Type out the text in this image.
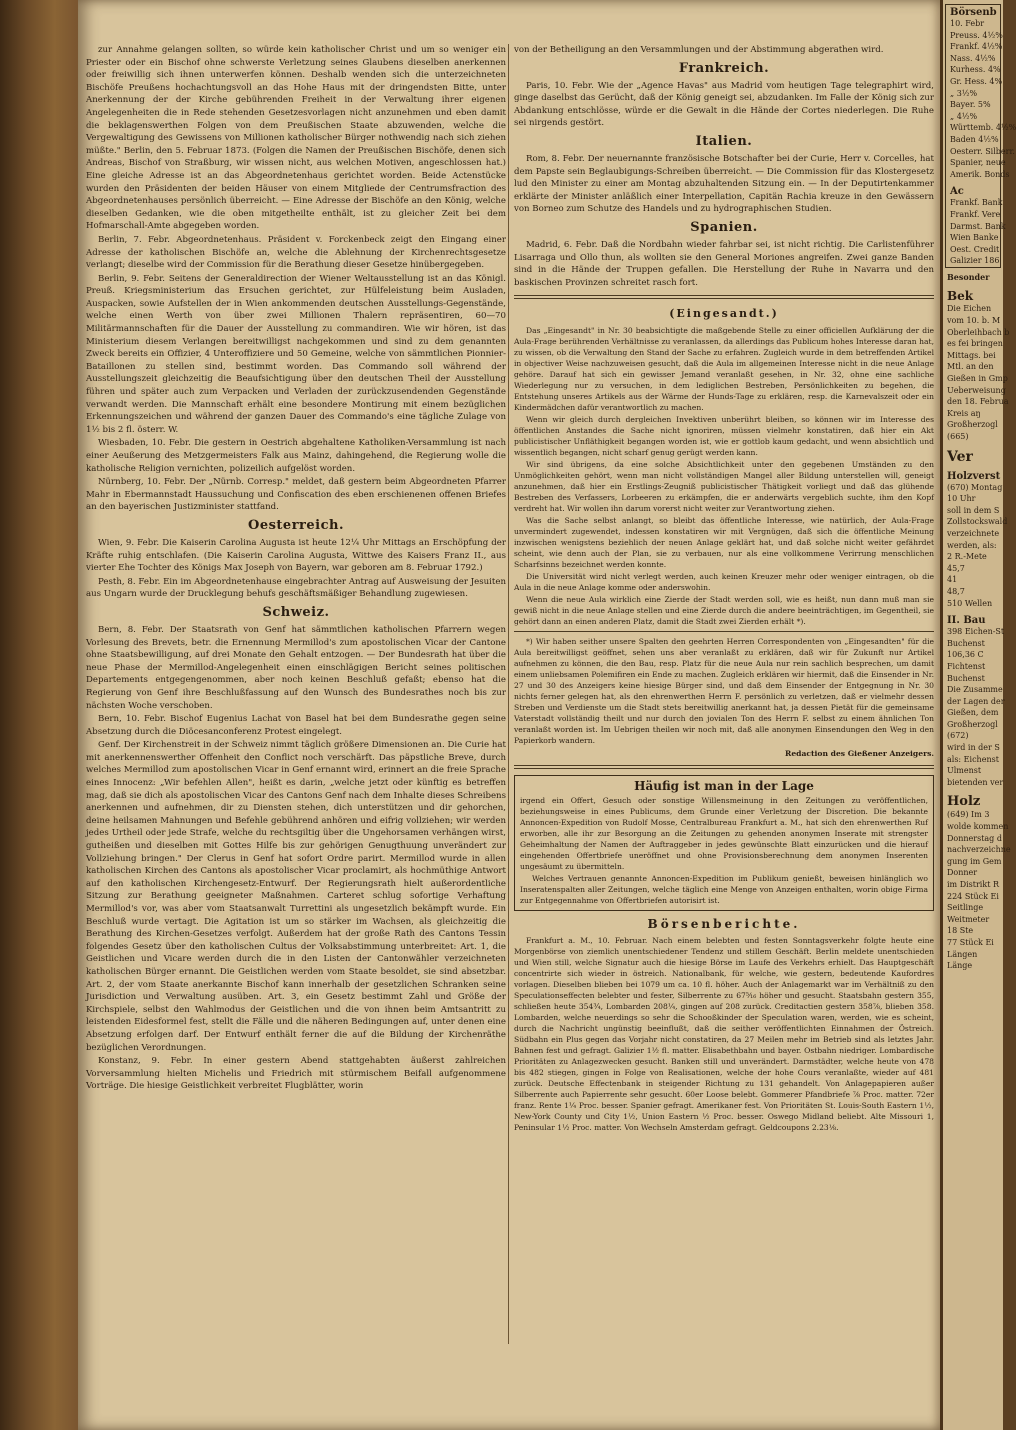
zur Annahme gelangen sollten, so würde kein katholischer Christ und um so weniger ein Priester oder ein Bischof ohne schwerste Verletzung seines Glaubens dieselben anerkennen oder freiwillig sich ihnen unterwerfen können. Deshalb wenden sich die unterzeichneten Bischöfe Preußens hochachtungsvoll an das Hohe Haus mit der dringendsten Bitte, unter Anerkennung der der Kirche gebührenden Freiheit in der Verwaltung ihrer eigenen Angelegenheiten die in Rede stehenden Gesetzesvorlagen nicht anzunehmen und eben damit die beklagenswerthen Folgen von dem Preußischen Staate abzuwenden, welche die Vergewaltigung des Gewissens von Millionen katholischer Bürger nothwendig nach sich ziehen müßte." Berlin, den 5. Februar 1873. (Folgen die Namen der Preußischen Bischöfe, denen sich Andreas, Bischof von Straßburg, wir wissen nicht, aus welchen Motiven, angeschlossen hat.) Eine gleiche Adresse ist an das Abgeordnetenhaus gerichtet worden. Beide Actenstücke wurden den Präsidenten der beiden Häuser von einem Mitgliede der Centrumsfraction des Abgeordnetenhauses persönlich überreicht. — Eine Adresse der Bischöfe an den König, welche dieselben Gedanken, wie die oben mitgetheilte enthält, ist zu gleicher Zeit bei dem Hofmarschall-Amte abgegeben worden.

Berlin, 7. Febr. Abgeordnetenhaus. Präsident v. Forckenbeck zeigt den Eingang einer Adresse der katholischen Bischöfe an, welche die Ablehnung der Kirchenrechtsgesetze verlangt; dieselbe wird der Commission für die Berathung dieser Gesetze hinübergegeben.

Berlin, 9. Febr. Seitens der Generaldirection der Wiener Weltausstellung ist an das Königl. Preuß. Kriegsministerium das Ersuchen gerichtet, zur Hülfeleistung beim Ausladen, Auspacken, sowie Aufstellen der in Wien ankommenden deutschen Ausstellungs-Gegenstände, welche einen Werth von über zwei Millionen Thalern repräsentiren, 60—70 Militärmannschaften für die Dauer der Ausstellung zu commandiren. Wie wir hören, ist das Ministerium diesem Verlangen bereitwilligst nachgekommen und sind zu dem genannten Zweck bereits ein Offizier, 4 Unteroffiziere und 50 Gemeine, welche von sämmtlichen Pionnier-Bataillonen zu stellen sind, bestimmt worden. Das Commando soll während der Ausstellungszeit gleichzeitig die Beaufsichtigung über den deutschen Theil der Ausstellung führen und später auch zum Verpacken und Verladen der zurückzusendenden Gegenstände verwandt werden. Die Mannschaft erhält eine besondere Montirung mit einem bezüglichen Erkennungszeichen und während der ganzen Dauer des Commando's eine tägliche Zulage von 1½ bis 2 fl. österr. W.

Wiesbaden, 10. Febr. Die gestern in Oestrich abgehaltene Katholiken-Versammlung ist nach einer Aeußerung des Metzgermeisters Falk aus Mainz, dahingehend, die Regierung wolle die katholische Religion vernichten, polizeilich aufgelöst worden.

Nürnberg, 10. Febr. Der „Nürnb. Corresp." meldet, daß gestern beim Abgeordneten Pfarrer Mahr in Ebermannstadt Haussuchung und Confiscation des eben erschienenen offenen Briefes an den bayerischen Justizminister stattfand.

Oesterreich.

Wien, 9. Febr. Die Kaiserin Carolina Augusta ist heute 12¼ Uhr Mittags an Erschöpfung der Kräfte ruhig entschlafen. (Die Kaiserin Carolina Augusta, Wittwe des Kaisers Franz II., aus vierter Ehe Tochter des Königs Max Joseph von Bayern, war geboren am 8. Februar 1792.)

Pesth, 8. Febr. Ein im Abgeordnetenhause eingebrachter Antrag auf Ausweisung der Jesuiten aus Ungarn wurde der Drucklegung behufs geschäftsmäßiger Behandlung zugewiesen.

Schweiz.

Bern, 8. Febr. Der Staatsrath von Genf hat sämmtlichen katholischen Pfarrern wegen Vorlesung des Brevets, betr. die Ernennung Mermillod's zum apostolischen Vicar der Cantone ohne Staatsbewilligung, auf drei Monate den Gehalt entzogen. — Der Bundesrath hat über die neue Phase der Mermillod-Angelegenheit einen einschlägigen Bericht seines politischen Departements entgegengenommen, aber noch keinen Beschluß gefaßt; ebenso hat die Regierung von Genf ihre Beschlußfassung auf den Wunsch des Bundesrathes noch bis zur nächsten Woche verschoben.

Bern, 10. Febr. Bischof Eugenius Lachat von Basel hat bei dem Bundesrathe gegen seine Absetzung durch die Diöcesanconferenz Protest eingelegt.

Genf. Der Kirchenstreit in der Schweiz nimmt täglich größere Dimensionen an. Die Curie hat mit anerkennenswerther Offenheit den Conflict noch verschärft. Das päpstliche Breve, durch welches Mermillod zum apostolischen Vicar in Genf ernannt wird, erinnert an die freie Sprache eines Innocenz: „Wir befehlen Allen", heißt es darin, „welche jetzt oder künftig es betreffen mag, daß sie dich als apostolischen Vicar des Cantons Genf nach dem Inhalte dieses Schreibens anerkennen und aufnehmen, dir zu Diensten stehen, dich unterstützen und dir gehorchen, deine heilsamen Mahnungen und Befehle gebührend anhören und eifrig vollziehen; wir werden jedes Urtheil oder jede Strafe, welche du rechtsgiltig über die Ungehorsamen verhängen wirst, gutheißen und dieselben mit Gottes Hilfe bis zur gehörigen Genugthuung unverändert zur Vollziehung bringen." Der Clerus in Genf hat sofort Ordre parirt. Mermillod wurde in allen katholischen Kirchen des Cantons als apostolischer Vicar proclamirt, als hochmüthige Antwort auf den katholischen Kirchengesetz-Entwurf. Der Regierungsrath hielt außerordentliche Sitzung zur Berathung geeigneter Maßnahmen. Carteret schlug sofortige Verhaftung Mermillod's vor, was aber vom Staatsanwalt Turrettini als ungesetzlich bekämpft wurde. Ein Beschluß wurde vertagt. Die Agitation ist um so stärker im Wachsen, als gleichzeitig die Berathung des Kirchen-Gesetzes verfolgt. Außerdem hat der große Rath des Cantons Tessin folgendes Gesetz über den katholischen Cultus der Volksabstimmung unterbreitet: Art. 1, die Geistlichen und Vicare werden durch die in den Listen der Cantonwähler verzeichneten katholischen Bürger ernannt. Die Geistlichen werden vom Staate besoldet, sie sind absetzbar. Art. 2, der vom Staate anerkannte Bischof kann innerhalb der gesetzlichen Schranken seine Jurisdiction und Verwaltung ausüben. Art. 3, ein Gesetz bestimmt Zahl und Größe der Kirchspiele, selbst den Wahlmodus der Geistlichen und die von ihnen beim Amtsantritt zu leistenden Eidesformel fest, stellt die Fälle und die näheren Bedingungen auf, unter denen eine Absetzung erfolgen darf. Der Entwurf enthält ferner die auf die Bildung der Kirchenräthe bezüglichen Verordnungen.

Konstanz, 9. Febr. In einer gestern Abend stattgehabten äußerst zahlreichen Vorversammlung hielten Michelis und Friedrich mit stürmischem Beifall aufgenommene Vorträge. Die hiesige Geistlichkeit verbreitet Flugblätter, worin

von der Betheiligung an den Versammlungen und der Abstimmung abgerathen wird.

Frankreich.

Paris, 10. Febr. Wie der „Agence Havas" aus Madrid vom heutigen Tage telegraphirt wird, ginge daselbst das Gerücht, daß der König geneigt sei, abzudanken. Im Falle der König sich zur Abdankung entschlösse, würde er die Gewalt in die Hände der Cortes niederlegen. Die Ruhe sei nirgends gestört.

Italien.

Rom, 8. Febr. Der neuernannte französische Botschafter bei der Curie, Herr v. Corcelles, hat dem Papste sein Beglaubigungs-Schreiben überreicht. — Die Commission für das Klostergesetz lud den Minister zu einer am Montag abzuhaltenden Sitzung ein. — In der Deputirtenkammer erklärte der Minister anläßlich einer Interpellation, Capitän Rachia kreuze in den Gewässern von Borneo zum Schutze des Handels und zu hydrographischen Studien.

Spanien.

Madrid, 6. Febr. Daß die Nordbahn wieder fahrbar sei, ist nicht richtig. Die Carlistenführer Lisarraga und Ollo thun, als wollten sie den General Moriones angreifen. Zwei ganze Banden sind in die Hände der Truppen gefallen. Die Herstellung der Ruhe in Navarra und den baskischen Provinzen schreitet rasch fort.

(Eingesandt.)

Das „Eingesandt" in Nr. 30 beabsichtigte die maßgebende Stelle zu einer officiellen Aufklärung der die Aula-Frage berührenden Verhältnisse zu veranlassen, da allerdings das Publicum hohes Interesse daran hat, zu wissen, ob die Verwaltung den Stand der Sache zu erfahren. Zugleich wurde in dem betreffenden Artikel in objectiver Weise nachzuweisen gesucht, daß die Aula im allgemeinen Interesse nicht in die neue Anlage gehöre. Darauf hat sich ein gewisser Jemand veranlaßt gesehen, in Nr. 32, ohne eine sachliche Wiederlegung nur zu versuchen, in dem lediglichen Bestreben, Persönlichkeiten zu begehen, die Entstehung unseres Artikels aus der Wärme der Hunds-Tage zu erklären, resp. die Karnevalszeit oder ein Kindermädchen dafür verantwortlich zu machen.

Wenn wir gleich durch dergleichen Invektiven unberührt bleiben, so können wir im Interesse des öffentlichen Anstandes die Sache nicht ignoriren, müssen vielmehr konstatiren, daß hier ein Akt publicistischer Unfläthigkeit begangen worden ist, wie er gottlob kaum gedacht, und wenn absichtlich und wissentlich begangen, nicht scharf genug gerügt werden kann.

Wir sind übrigens, da eine solche Absichtlichkeit unter den gegebenen Umständen zu den Unmöglichkeiten gehört, wenn man nicht vollständigen Mangel aller Bildung unterstellen will, geneigt anzunehmen, daß hier ein Erstlings-Zeugniß publicistischer Thätigkeit vorliegt und daß das glühende Bestreben des Verfassers, Lorbeeren zu erkämpfen, die er anderwärts vergeblich suchte, ihm den Kopf verdreht hat. Wir wollen ihn darum vorerst nicht weiter zur Verantwortung ziehen.

Was die Sache selbst anlangt, so bleibt das öffentliche Interesse, wie natürlich, der Aula-Frage unvermindert zugewendet, indessen konstatiren wir mit Vergnügen, daß sich die öffentliche Meinung inzwischen wenigstens beziehlich der neuen Anlage geklärt hat, und daß solche nicht weiter gefährdet scheint, wie denn auch der Plan, sie zu verbauen, nur als eine vollkommene Verirrung menschlichen Scharfsinns bezeichnet werden konnte.

Die Universität wird nicht verlegt werden, auch keinen Kreuzer mehr oder weniger eintragen, ob die Aula in die neue Anlage komme oder anderswohin.

Wenn die neue Aula wirklich eine Zierde der Stadt werden soll, wie es heißt, nun dann muß man sie gewiß nicht in die neue Anlage stellen und eine Zierde durch die andere beeinträchtigen, im Gegentheil, sie gehört dann an einen anderen Platz, damit die Stadt zwei Zierden erhält *).

*) Wir haben seither unsere Spalten den geehrten Herren Correspondenten von „Eingesandten" für die Aula bereitwilligst geöffnet, sehen uns aber veranlaßt zu erklären, daß wir für Zukunft nur Artikel aufnehmen zu können, die den Bau, resp. Platz für die neue Aula nur rein sachlich besprechen, um damit einem unliebsamen Polemifiren ein Ende zu machen. Zugleich erklären wir hiermit, daß die Einsender in Nr. 27 und 30 des Anzeigers keine hiesige Bürger sind, und daß dem Einsender der Entgegnung in Nr. 30 nichts ferner gelegen hat, als den ehrenwerthen Herrn F. persönlich zu verletzen, daß er vielmehr dessen Streben und Verdienste um die Stadt stets bereitwillig anerkannt hat, ja dessen Pietät für die gemeinsame Vaterstadt vollständig theilt und nur durch den jovialen Ton des Herrn F. selbst zu einem ähnlichen Ton veranlaßt worden ist. Im Uebrigen theilen wir noch mit, daß alle anonymen Einsendungen den Weg in den Papierkorb wandern.

Redaction des Gießener Anzeigers.
Häufig ist man in der Lage

irgend ein Offert, Gesuch oder sonstige Willensmeinung in den Zeitungen zu veröffentlichen, beziehungsweise in eines Publicums, dem Grunde einer Verletzung der Discretion. Die bekannte Annoncen-Expedition von Rudolf Mosse, Centralbureau Frankfurt a. M., hat sich den ehrenwerthen Ruf erworben, alle ihr zur Besorgung an die Zeitungen zu gehenden anonymen Inserate mit strengster Geheimhaltung der Namen der Auftraggeber in jedes gewünschte Blatt einzurücken und die hierauf eingehenden Offertbriefe uneröffnet und ohne Provisionsberechnung dem anonymen Inserenten ungesäumt zu übermitteln.

Welches Vertrauen genannte Annoncen-Expedition im Publikum genießt, beweisen hinlänglich wo Inseratenspalten aller Zeitungen, welche täglich eine Menge von Anzeigen enthalten, worin obige Firma zur Entgegennahme von Offertbriefen autorisirt ist.

Börsenberichte.

Frankfurt a. M., 10. Februar. Nach einem belebten und festen Sonntagsverkehr folgte heute eine Morgenbörse von ziemlich unentschiedener Tendenz und stillem Geschäft. Berlin meldete unentschieden und Wien still, welche Signatur auch die hiesige Börse im Laufe des Verkehrs erhielt. Das Hauptgeschäft concentrirte sich wieder in östreich. Nationalbank, für welche, wie gestern, bedeutende Kaufordres vorlagen. Dieselben blieben bei 1079 um ca. 10 fl. höher. Auch der Anlagemarkt war im Verhältniß zu den Speculationseffecten belebter und fester, Silberrente zu 67⁵⁄₁₆ höher und gesucht. Staatsbahn gestern 355, schließen heute 354¾, Lombarden 208¼, gingen auf 208 zurück. Creditactien gestern 358⅞, blieben 358. Lombarden, welche neuerdings so sehr die Schooßkinder der Speculation waren, werden, wie es scheint, durch die Nachricht ungünstig beeinflußt, daß die seither veröffentlichten Einnahmen der Östreich. Südbahn ein Plus gegen das Vorjahr nicht constatiren, da 27 Meilen mehr im Betrieb sind als letztes Jahr. Bahnen fest und gefragt. Galizier 1½ fl. matter. Elisabethbahn und bayer. Ostbahn niedriger. Lombardische Prioritäten zu Anlagezwecken gesucht. Banken still und unverändert. Darmstädter, welche heute von 478 bis 482 stiegen, gingen in Folge von Realisationen, welche der hohe Cours veranlaßte, wieder auf 481 zurück. Deutsche Effectenbank in steigender Richtung zu 131 gehandelt. Von Anlagepapieren außer Silberrente auch Papierrente sehr gesucht. 60er Loose belebt. Gommerer Pfandbriefe ⅞ Proc. matter. 72er franz. Rente 1¼ Proc. besser. Spanier gefragt. Amerikaner fest. Von Prioritäten St. Louis-South Eastern 1½, New-York County und City 1½, Union Eastern ½ Proc. besser. Oswego Midland beliebt. Alte Missouri 1, Peninsular 1½ Proc. matter. Von Wechseln Amsterdam gefragt. Geldcoupons 2.23⅛.

Börsenb
10. Febr
Preuss. 4½%
Frankf. 4½%
Nass. 4½%
Kurhess. 4%
Gr. Hess. 4%
„ 3½%
Bayer. 5%
„ 4½%
Württemb. 4½%
Baden 4½%
Oesterr. Silberr.
Spanier, neue
Amerik. Bonds
Ac
Frankf. Bank
Frankf. Vere
Darmst. Bank
Wien Banke
Oest. Credit
Galizier 186
Besonder
Bek
Die Eichen
vom 10. b. M
Oberleihbach b
es fei bringen
Mittags. bei
Mtl. an den
Gießen in Gmp
Ueberweisung
den 18. Februa
Kreis aŋ
Großherzogl
(665)
Ver
Holzverst
(670) Montag
10 Uhr
soll in dem S
Zollstockswald
verzeichnete
werden, als:
2 R.-Mete
45,7
41
48,7
510 Wellen
II. Bau
398 Eichen-St
Buchenst
106,36 C
Fichtenst
Buchenst
Die Zusamme
der Lagen der
Gießen, dem
Großherzogl
(672)
wird in der S
als: Eichenst
Ulmenst
bietenden ver
Holz
(649) Im 3
wolde kommen
Donnerstag d
nachverzeichne
gung im Gem
Donner
im Distrikt R
224 Stück Ei
Seitlinge
Weitmeter
18 Ste
77 Stück Ei
Längen
Länge
